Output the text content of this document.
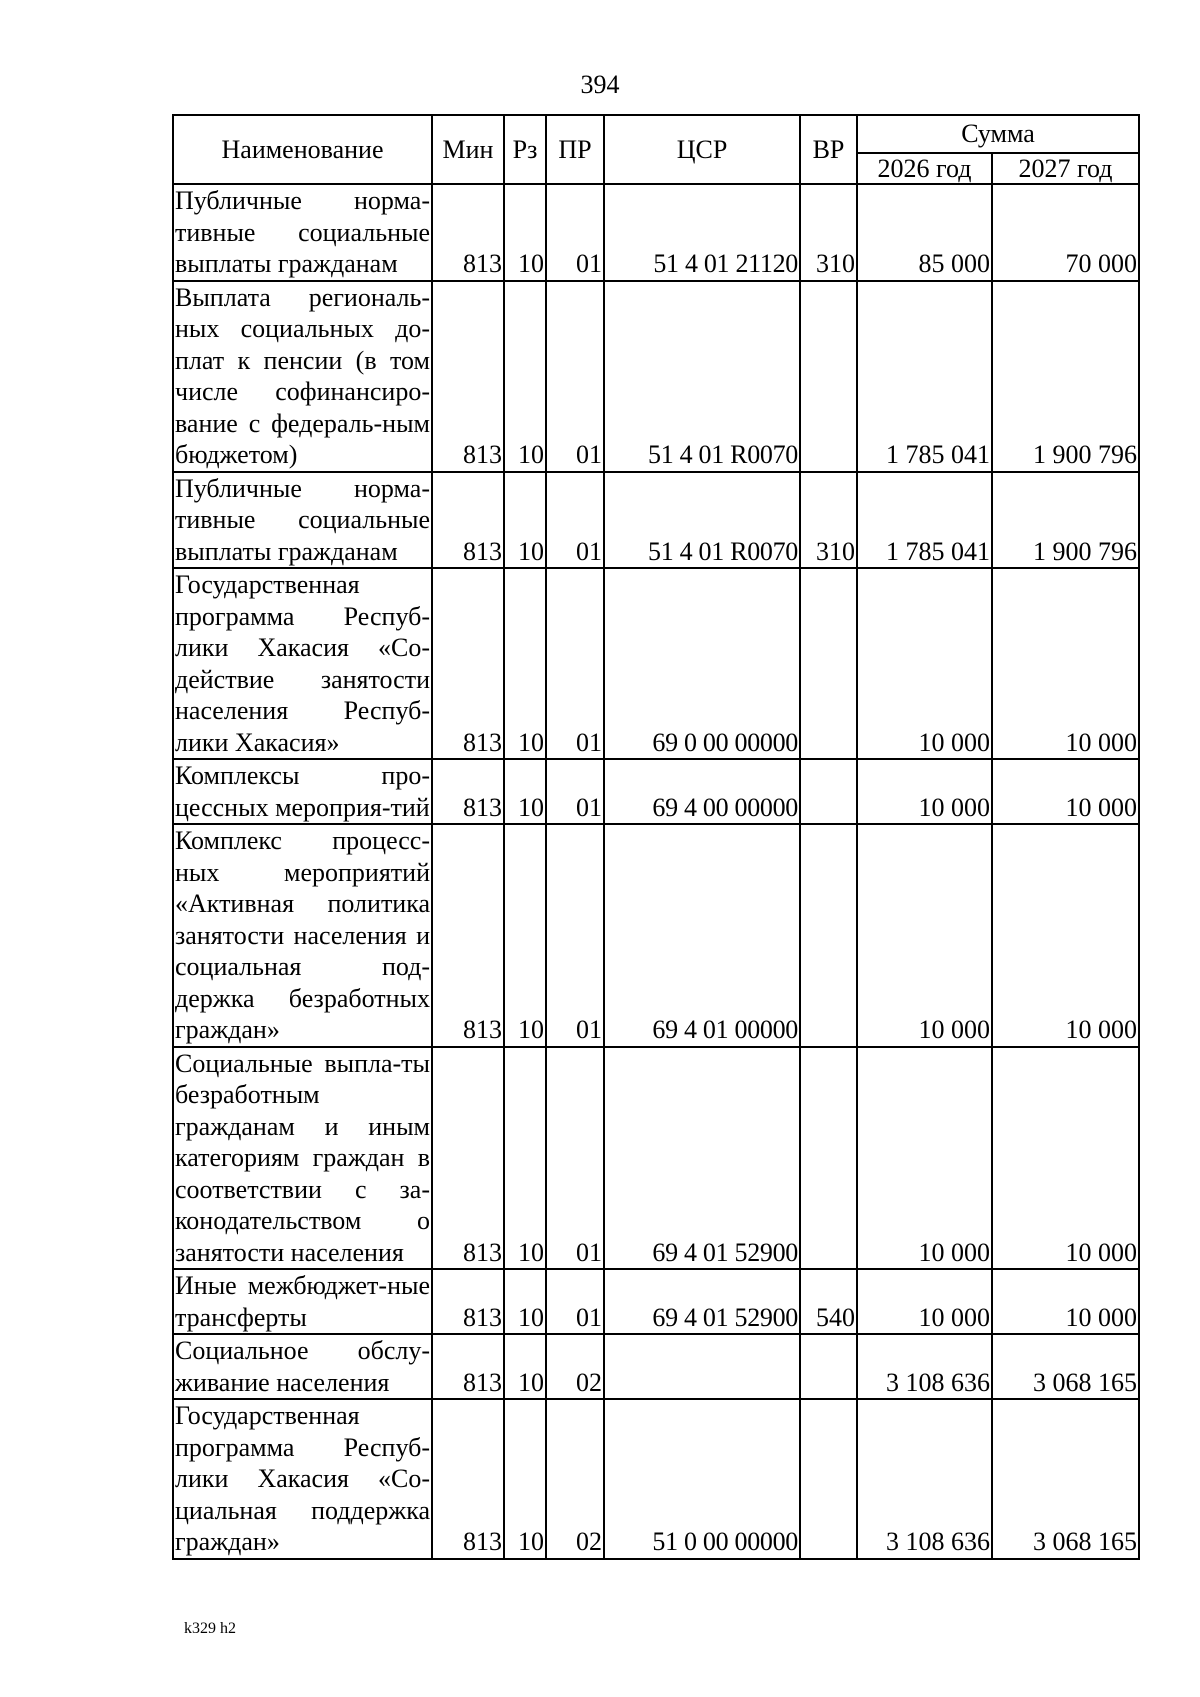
394
Наименование	Мин	Рз	ПР	ЦСР	ВР	Сумма	
						2026 год	2027 год
Публичные норма-тивные социальные выплаты гражданам	813	10	01	51 4 01 21120	310	85 000	70 000
Выплата региональ-ных социальных до-плат к пенсии (в том числе софинансиро-вание с федераль-ным бюджетом)	813	10	01	51 4 01 R0070		1 785 041	1 900 796
Публичные норма-тивные социальные выплаты гражданам	813	10	01	51 4 01 R0070	310	1 785 041	1 900 796
Государственная программа Респуб-лики Хакасия «Со-действие занятости населения Респуб-лики Хакасия»	813	10	01	69 0 00 00000		10 000	10 000
Комплексы про-цессных мероприя-тий	813	10	01	69 4 00 00000		10 000	10 000
Комплекс процесс-ных мероприятий «Активная политика занятости населения и социальная под-держка безработных граждан»	813	10	01	69 4 01 00000		10 000	10 000
Социальные выпла-ты безработным гражданам и иным категориям граждан в соответствии с за-конодательством о занятости населения	813	10	01	69 4 01 52900		10 000	10 000
Иные межбюджет-ные трансферты	813	10	01	69 4 01 52900	540	10 000	10 000
Социальное обслу-живание населения	813	10	02			3 108 636	3 068 165
Государственная программа Респуб-лики Хакасия «Со-циальная поддержка граждан»	813	10	02	51 0 00 00000		3 108 636	3 068 165
k329 h2
